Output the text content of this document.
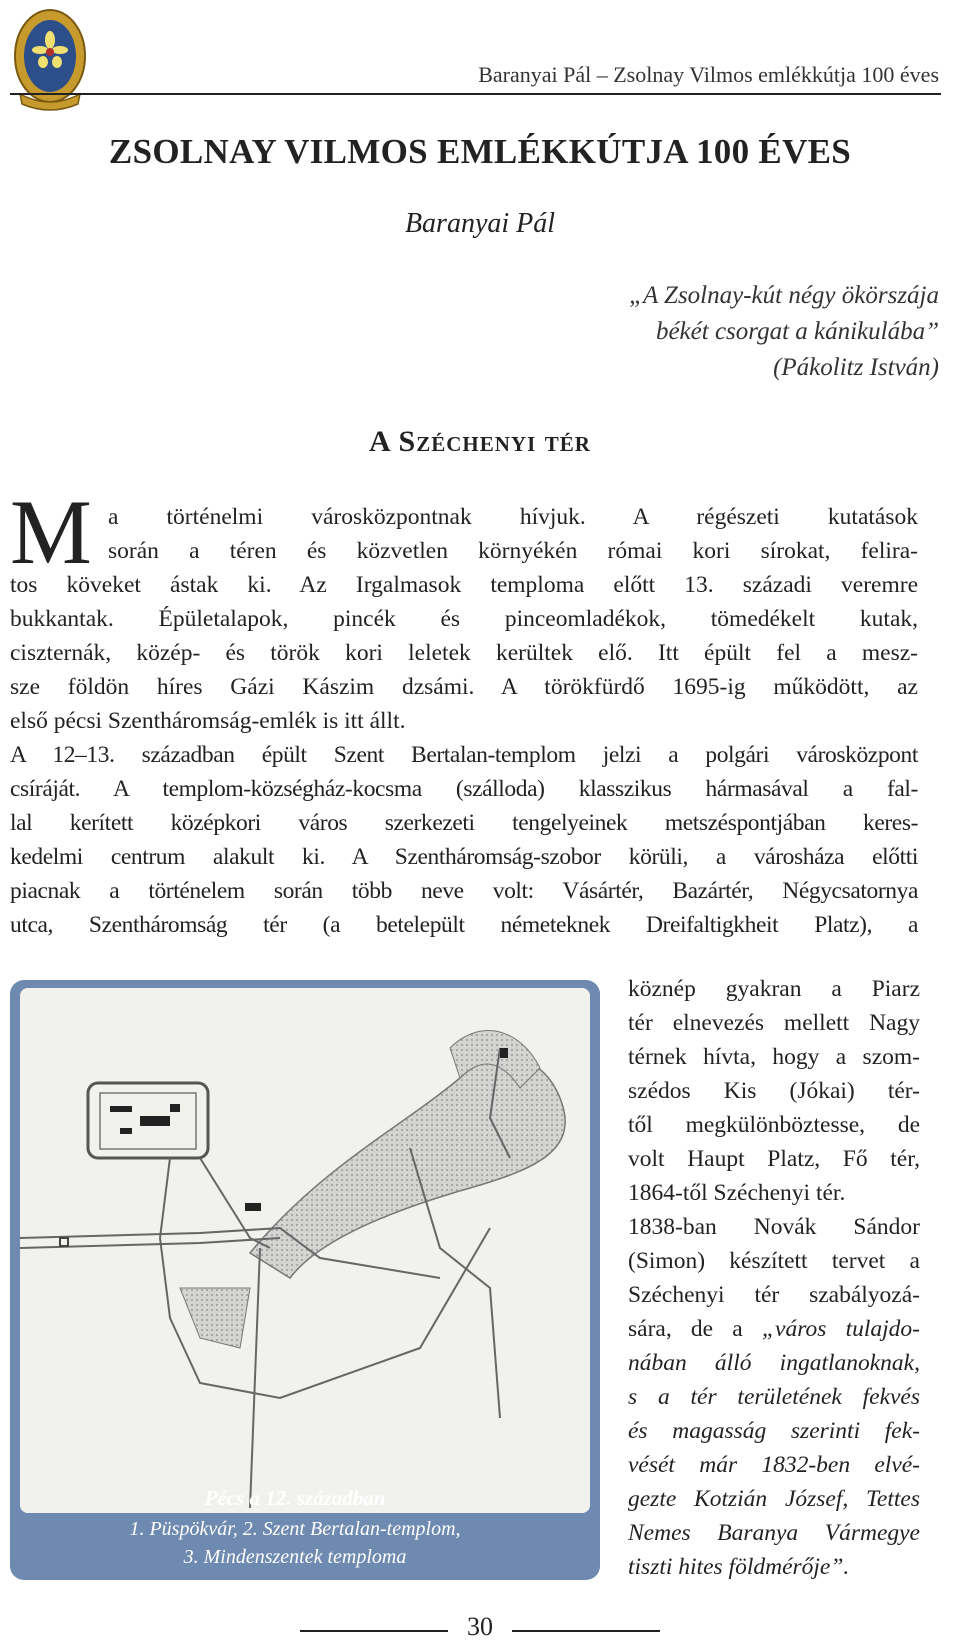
Baranyai Pál – Zsolnay Vilmos emlékkútja 100 éves
ZSOLNAY VILMOS EMLÉKKÚTJA 100 ÉVES
Baranyai Pál
„A Zsolnay-kút négy ökörszája
békét csorgat a kánikulába”
(Pákolitz István)
A Széchenyi tér
M a történelmi városközpontnak hívjuk. A régészeti kutatások
során a téren és közvetlen környékén római kori sírokat, felira-
tos köveket ástak ki. Az Irgalmasok temploma előtt 13. századi veremre
bukkantak. Épületalapok, pincék és pinceomladékok, tömedékelt kutak,
ciszternák, közép- és török kori leletek kerültek elő. Itt épült fel a mesz-
sze földön híres Gázi Kászim dzsámi. A törökfürdő 1695-ig működött, az
első pécsi Szentháromság-emlék is itt állt.
A 12–13. században épült Szent Bertalan-templom jelzi a polgári városközpont
csíráját. A templom-községház-kocsma (szálloda) klasszikus hármasával a fal-
lal kerített középkori város szerkezeti tengelyeinek metszéspontjában keres-
kedelmi centrum alakult ki. A Szentháromság-szobor körüli, a városháza előtti
piacnak a történelem során több neve volt: Vásártér, Bazártér, Négycsatornya
utca, Szentháromság tér (a betelepült németeknek Dreifaltigkheit Platz), a
Pécs a 12. században
1. Püspökvár, 2. Szent Bertalan-templom,
3. Mindenszentek temploma
(Dercsényi Dezső – Pogány Frigyes: Pécs – 1966)
köznép gyakran a Piarz
tér elnevezés mellett Nagy
térnek hívta, hogy a szom-
szédos Kis (Jókai) tér-
től megkülönböztesse, de
volt Haupt Platz, Fő tér,
1864-től Széchenyi tér.
1838-ban Novák Sándor
(Simon) készített tervet a
Széchenyi tér szabályozá-
sára, de a „város tulajdo-
nában álló ingatlanoknak,
s a tér területének fekvés
és magasság szerinti fek-
vését már 1832-ben elvé-
gezte Kotzián József, Tettes
Nemes Baranya Vármegye
tiszti hites földmérője”.
30
